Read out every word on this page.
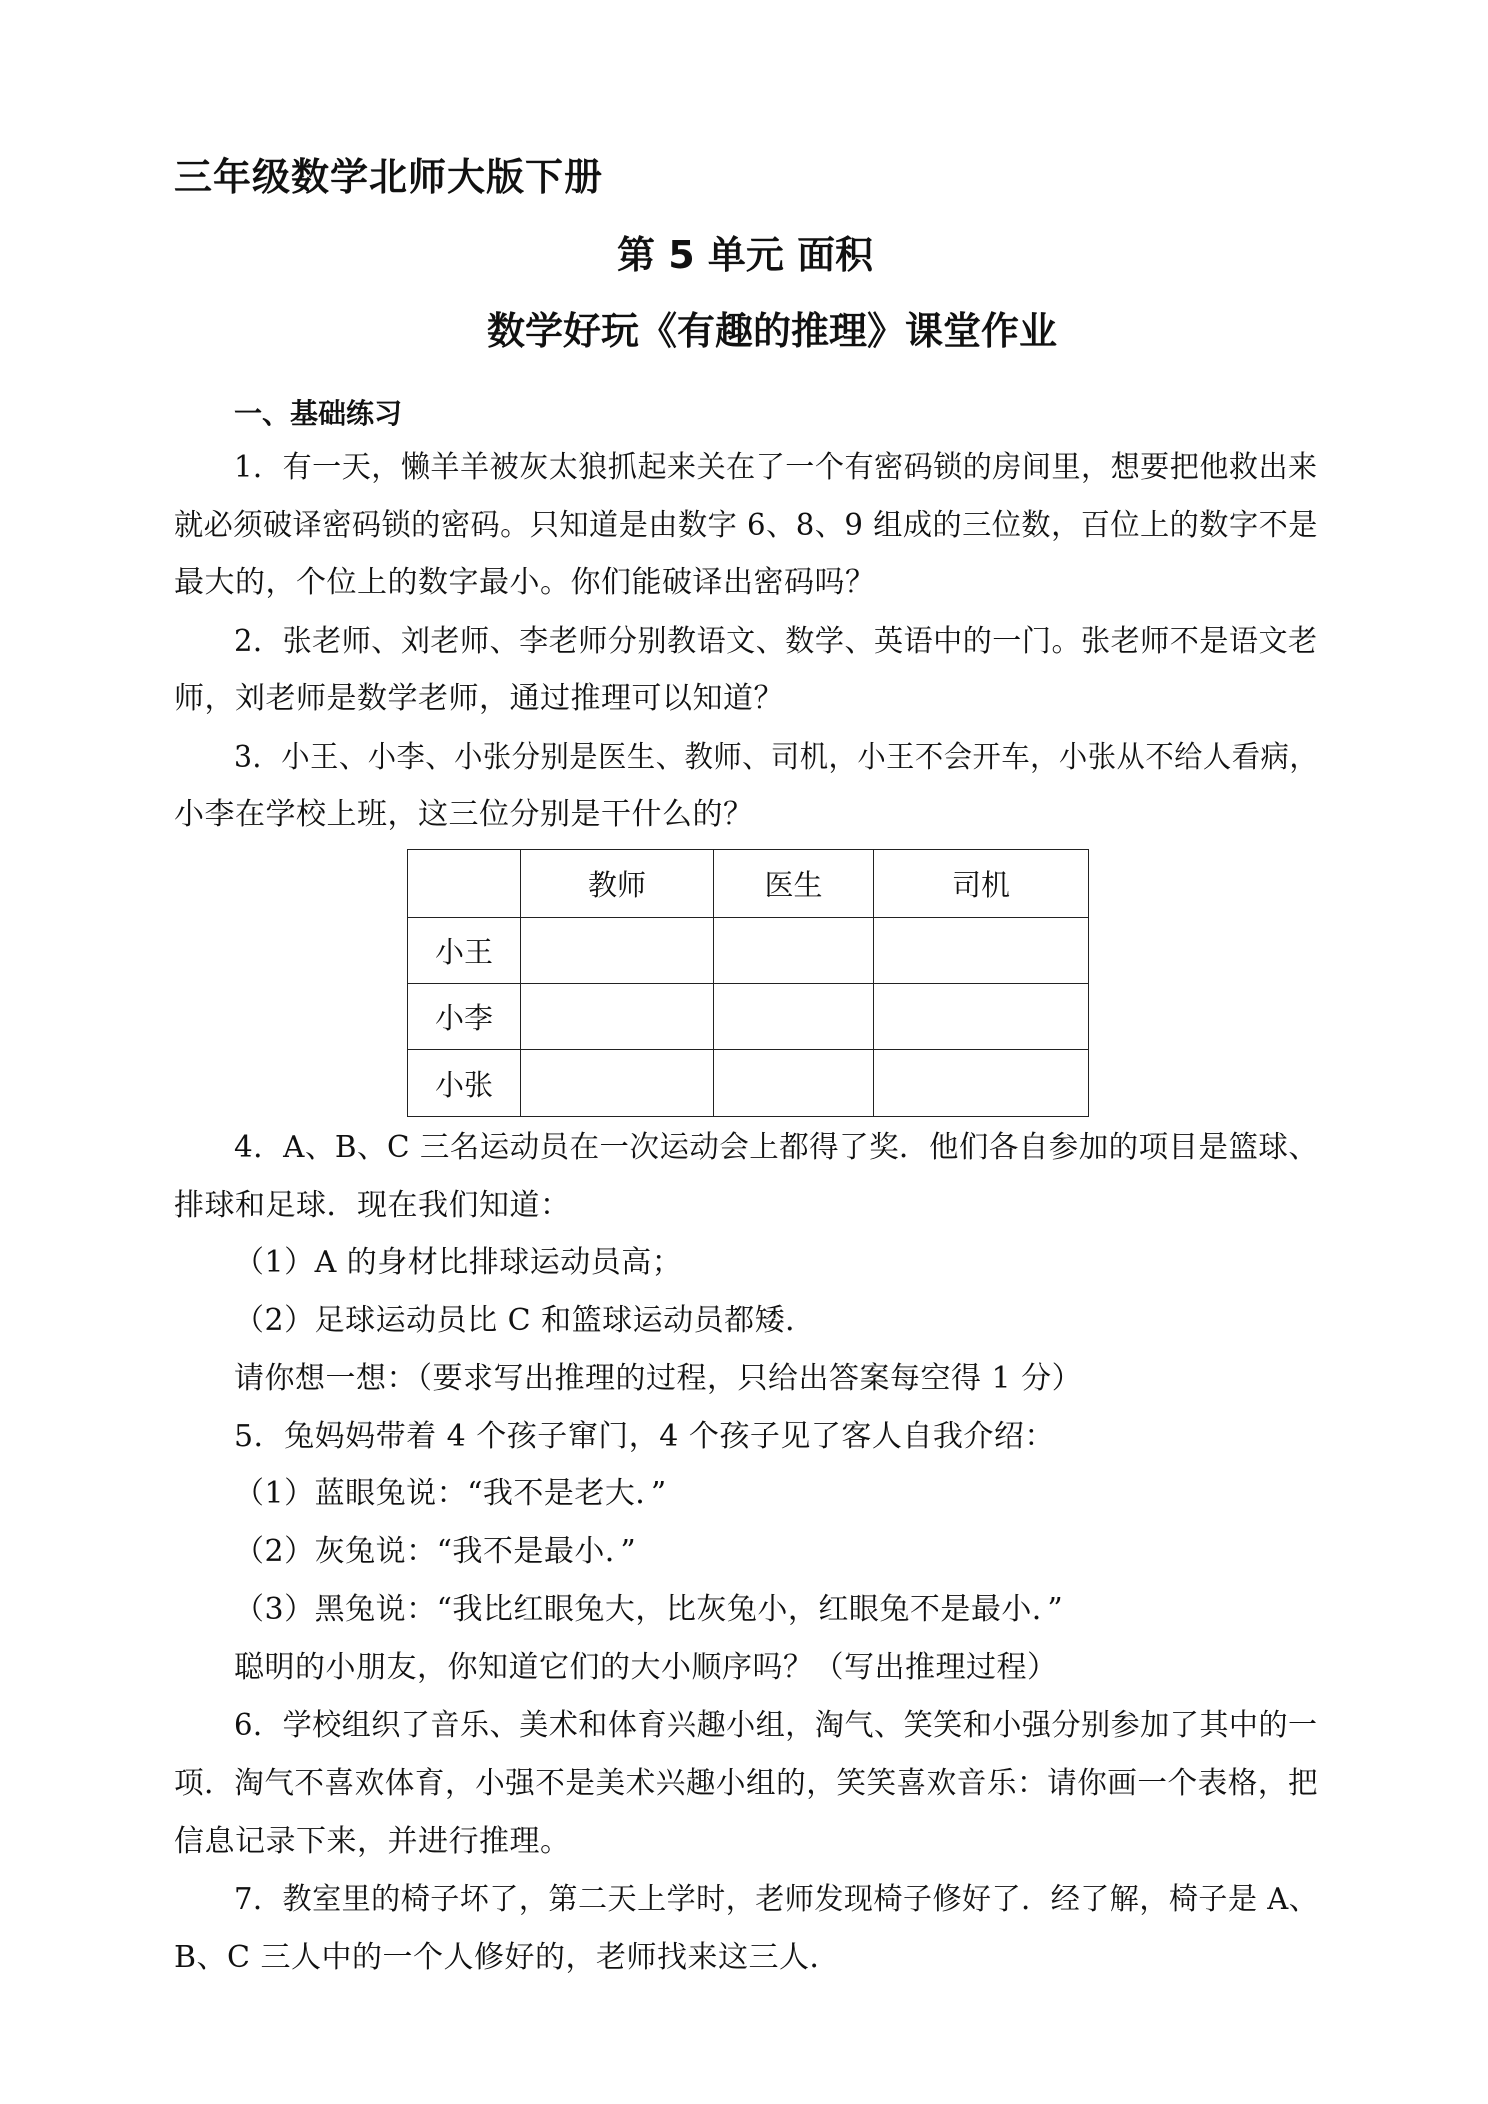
三年级数学北师大版下册
第 5 单元 面积
数学好玩《有趣的推理》课堂作业
一、基础练习
1．有一天，懒羊羊被灰太狼抓起来关在了一个有密码锁的房间里，想要把他救出来
就必须破译密码锁的密码。只知道是由数字 6、8、9 组成的三位数，百位上的数字不是
最大的，个位上的数字最小。你们能破译出密码吗？
2．张老师、刘老师、李老师分别教语文、数学、英语中的一门。张老师不是语文老
师，刘老师是数学老师，通过推理可以知道？
3．小王、小李、小张分别是医生、教师、司机，小王不会开车，小张从不给人看病，
小李在学校上班，这三位分别是干什么的？
	教师	医生	司机
小王			
小李			
小张			
4．A、B、C 三名运动员在一次运动会上都得了奖．他们各自参加的项目是篮球、
排球和足球．现在我们知道：
（1）A 的身材比排球运动员高；
（2）足球运动员比 C 和篮球运动员都矮．
请你想一想：（要求写出推理的过程，只给出答案每空得 1 分）
5．兔妈妈带着 4 个孩子窜门，4 个孩子见了客人自我介绍：
（1）蓝眼兔说：“我不是老大．”
（2）灰兔说：“我不是最小．”
（3）黑兔说：“我比红眼兔大，比灰兔小，红眼兔不是最小．”
聪明的小朋友，你知道它们的大小顺序吗？（写出推理过程）
6．学校组织了音乐、美术和体育兴趣小组，淘气、笑笑和小强分别参加了其中的一
项．淘气不喜欢体育，小强不是美术兴趣小组的，笑笑喜欢音乐：请你画一个表格，把
信息记录下来，并进行推理。
7．教室里的椅子坏了，第二天上学时，老师发现椅子修好了．经了解，椅子是 A、
B、C 三人中的一个人修好的，老师找来这三人．
